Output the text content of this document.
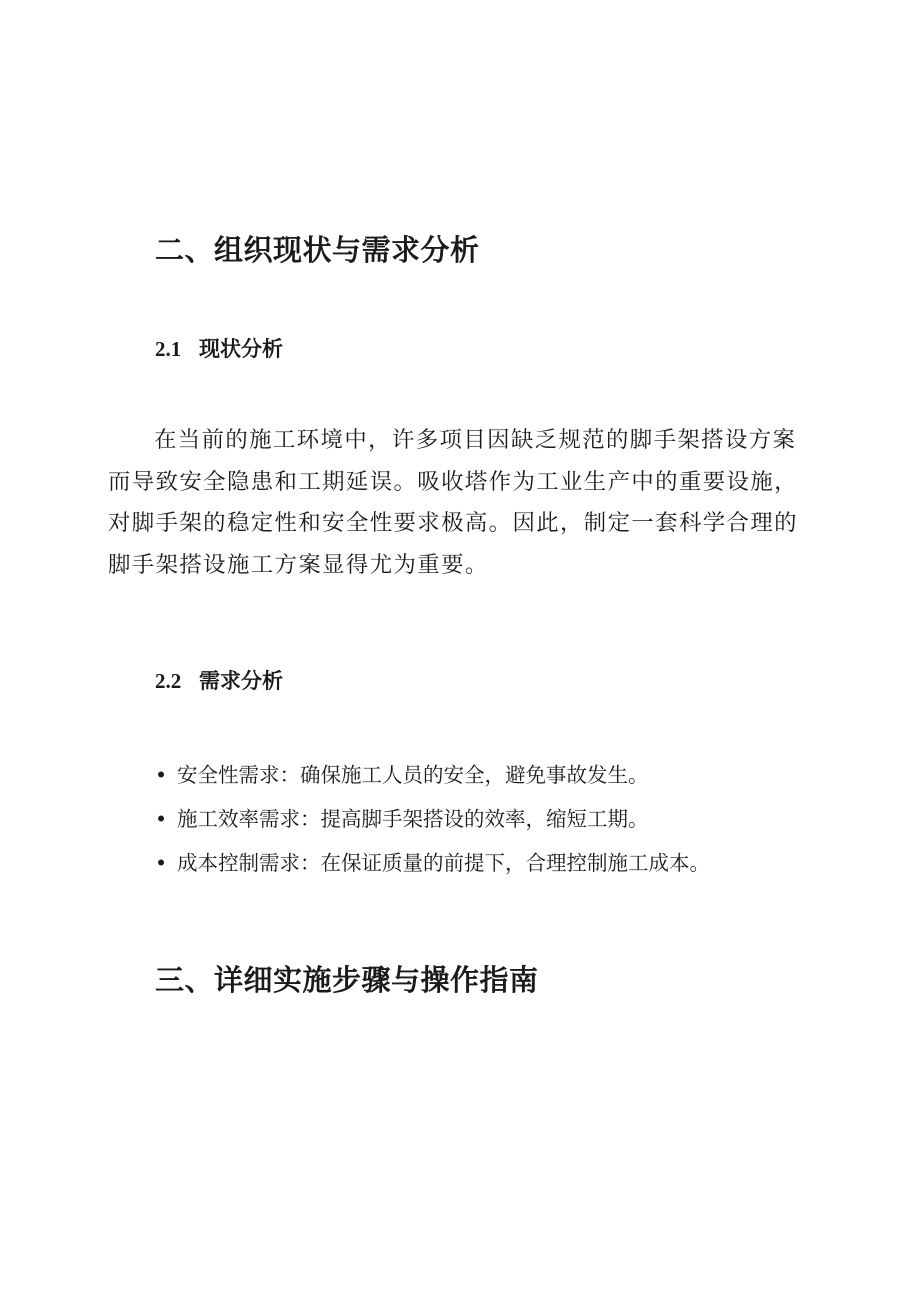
二、组织现状与需求分析
2.1 现状分析

在当前的施工环境中，许多项目因缺乏规范的脚手架搭设方案而导致安全隐患和工期延误。吸收塔作为工业生产中的重要设施，对脚手架的稳定性和安全性要求极高。因此，制定一套科学合理的脚手架搭设施工方案显得尤为重要。

2.2 需求分析
• 安全性需求：确保施工人员的安全，避免事故发生。
• 施工效率需求：提高脚手架搭设的效率，缩短工期。
• 成本控制需求：在保证质量的前提下，合理控制施工成本。
三、详细实施步骤与操作指南
